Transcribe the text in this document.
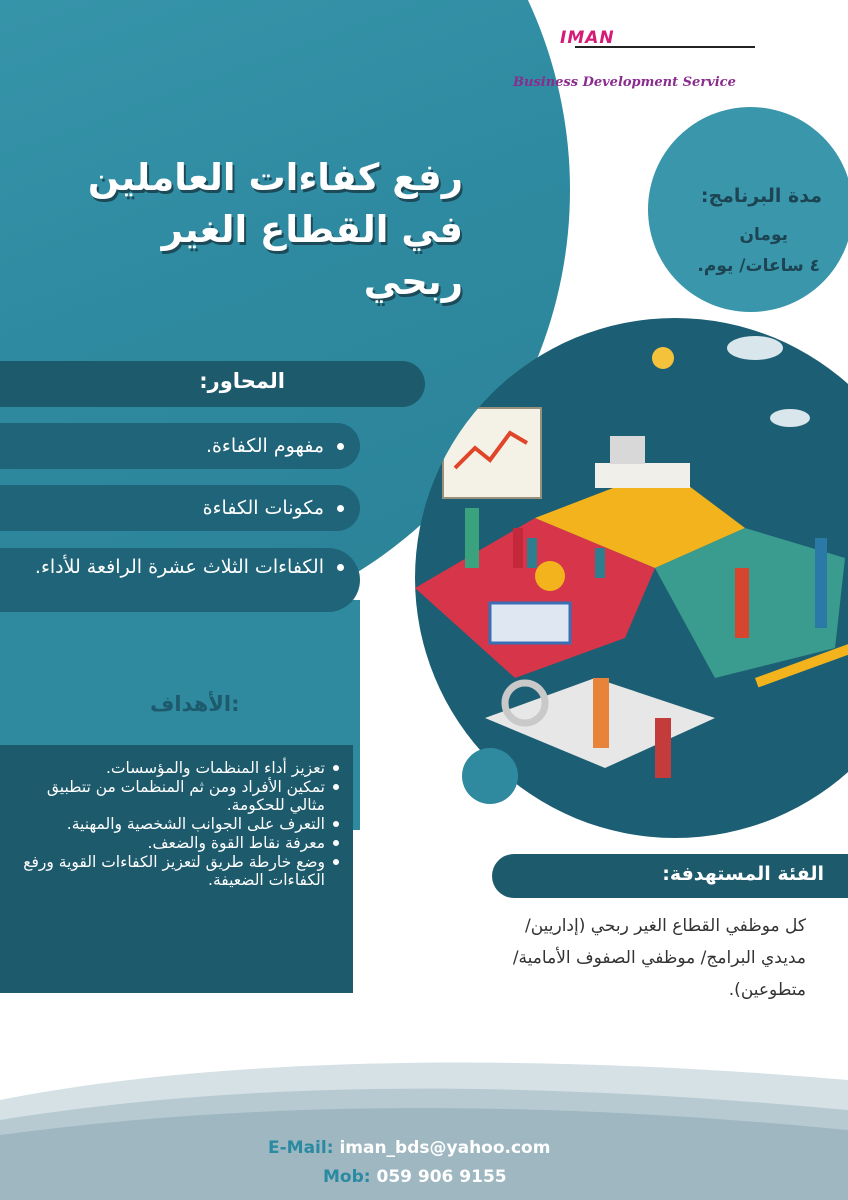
IMAN
Business Development Service
رفع كفاءات العاملين في القطاع الغير ربحي
مدة البرنامج:
يومان
٤ ساعات/ يوم.
المحاور:
مفهوم الكفاءة.
مكونات الكفاءة
الكفاءات الثلاث عشرة الرافعة للأداء.
الأهداف:
تعزيز أداء المنظمات والمؤسسات.
تمكين الأفراد ومن ثم المنظمات من تتطبيق مثالي للحكومة.
التعرف على الجوانب الشخصية والمهنية.
معرفة نقاط القوة والضعف.
وضع خارطة طريق لتعزيز الكفاءات القوية ورفع الكفاءات الضعيفة.	الفئة المستهدفة:
كل موظفي القطاع الغير ربحي (إداريين/ مديدي البرامج/ موظفي الصفوف الأمامية/ متطوعين).
E-Mail: iman_bds@yahoo.com
Mob: 059 906 9155
